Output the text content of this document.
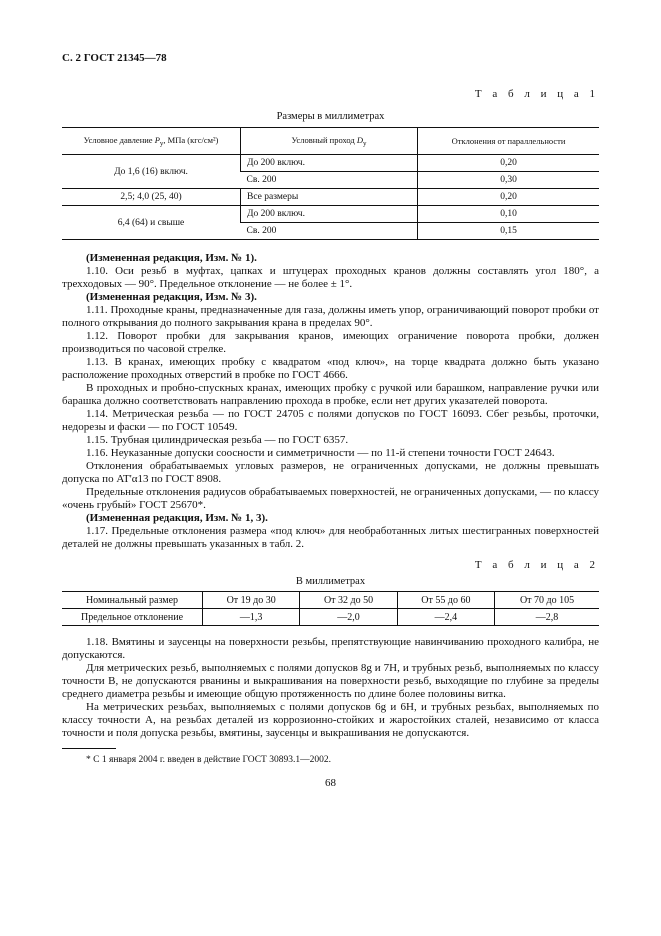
С. 2 ГОСТ 21345—78

Т а б л и ц а 1
Размеры в миллиметрах
Условное давление $P_у$, МПа (кгс/см²)	Условный проход $D_у$	Отклонения от параллельности
До 1,6 (16) включ.	До 200 включ.	0,20
	Св. 200	0,30
2,5; 4,0 (25, 40)	Все размеры	0,20
6,4 (64) и свыше	До 200 включ.	0,10
	Св. 200	0,15

(Измененная редакция, Изм. № 1).

1.10. Оси резьб в муфтах, цапках и штуцерах проходных кранов должны составлять угол 180°, а трехходовых — 90°. Предельное отклонение — не более ± 1°.

(Измененная редакция, Изм. № 3).

1.11. Проходные краны, предназначенные для газа, должны иметь упор, ограничивающий поворот пробки от полного открывания до полного закрывания крана в пределах 90°.

1.12. Поворот пробки для закрывания кранов, имеющих ограничение поворота пробки, должен производиться по часовой стрелке.

1.13. В кранах, имеющих пробку с квадратом «под ключ», на торце квадрата должно быть указано расположение проходных отверстий в пробке по ГОСТ 4666.

В проходных и пробно-спускных кранах, имеющих пробку с ручкой или барашком, направление ручки или барашка должно соответствовать направлению прохода в пробке, если нет других указателей поворота.

1.14. Метрическая резьба — по ГОСТ 24705 с полями допусков по ГОСТ 16093. Сбег резьбы, проточки, недорезы и фаски — по ГОСТ 10549.

1.15. Трубная цилиндрическая резьба — по ГОСТ 6357.

1.16. Неуказанные допуски соосности и симметричности — по 11-й степени точности ГОСТ 24643.

Отклонения обрабатываемых угловых размеров, не ограниченных допусками, не должны превышать допуска по AT'α13 по ГОСТ 8908.

Предельные отклонения радиусов обрабатываемых поверхностей, не ограниченных допусками, — по классу «очень грубый» ГОСТ 25670*.

(Измененная редакция, Изм. № 1, 3).

1.17. Предельные отклонения размера «под ключ» для необработанных литых шестигранных поверхностей деталей не должны превышать указанных в табл. 2.

Т а б л и ц а 2
В миллиметрах
Номинальный размер	От 19 до 30	От 32 до 50	От 55 до 60	От 70 до 105
Предельное отклонение	—1,3	—2,0	—2,4	—2,8

1.18. Вмятины и заусенцы на поверхности резьбы, препятствующие навинчиванию проходного калибра, не допускаются.

Для метрических резьб, выполняемых с полями допусков 8g и 7H, и трубных резьб, выполняемых по классу точности B, не допускаются рванины и выкрашивания на поверхности резьб, выходящие по глубине за пределы среднего диаметра резьбы и имеющие общую протяженность по длине более половины витка.

На метрических резьбах, выполняемых с полями допусков 6g и 6H, и трубных резьбах, выполняемых по классу точности A, на резьбах деталей из коррозионно-стойких и жаростойких сталей, независимо от класса точности и поля допуска резьбы, вмятины, заусенцы и выкрашивания не допускаются.

* С 1 января 2004 г. введен в действие ГОСТ 30893.1—2002.
68
